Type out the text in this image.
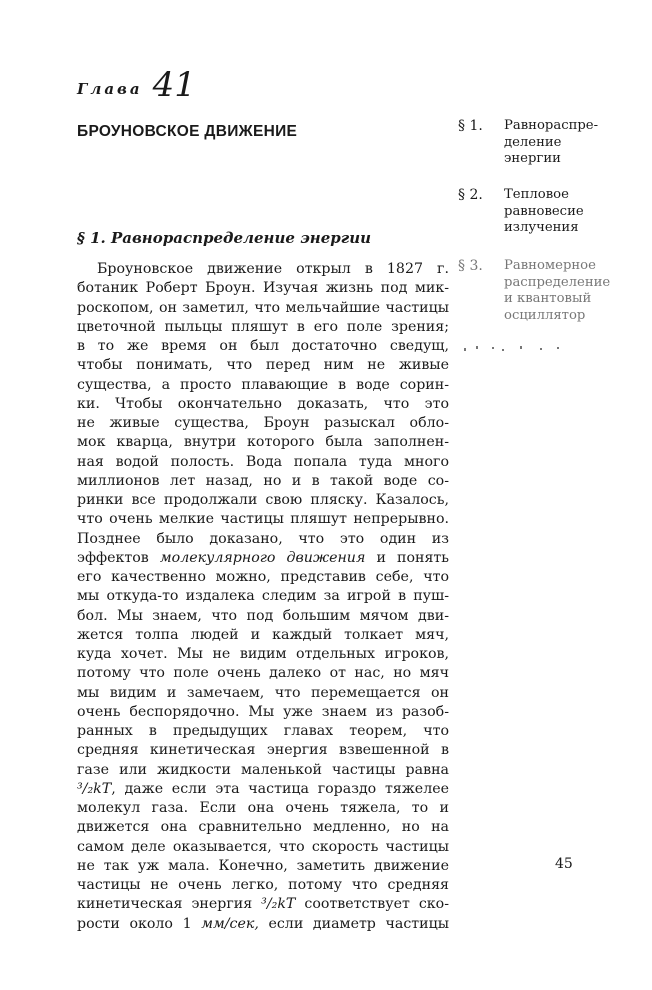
Глава 41
БРОУНОВСКОЕ ДВИЖЕНИЕ
§ 1. Равнораспределение энергии
Броуновское движение открыл в 1827 г.
ботаник Роберт Броун. Изучая жизнь под мик-
роскопом, он заметил, что мельчайшие частицы
цветочной пыльцы пляшут в его поле зрения;
в то же время он был достаточно сведущ,
чтобы понимать, что перед ним не живые
существа, а просто плавающие в воде сорин-
ки. Чтобы окончательно доказать, что это
не живые существа, Броун разыскал обло-
мок кварца, внутри которого была заполнен-
ная водой полость. Вода попала туда много
миллионов лет назад, но и в такой воде со-
ринки все продолжали свою пляску. Казалось,
что очень мелкие частицы пляшут непрерывно.
Позднее было доказано, что это один из
эффектов молекулярного движения и понять
его качественно можно, представив себе, что
мы откуда-то издалека следим за игрой в пуш-
бол. Мы знаем, что под большим мячом дви-
жется толпа людей и каждый толкает мяч,
куда хочет. Мы не видим отдельных игроков,
потому что поле очень далеко от нас, но мяч
мы видим и замечаем, что перемещается он
очень беспорядочно. Мы уже знаем из разоб-
ранных в предыдущих главах теорем, что
средняя кинетическая энергия взвешенной в
газе или жидкости маленькой частицы равна
³/₂kT, даже если эта частица гораздо тяжелее
молекул газа. Если она очень тяжела, то и
движется она сравнительно медленно, но на
самом деле оказывается, что скорость частицы
не так уж мала. Конечно, заметить движение
частицы не очень легко, потому что средняя
кинетическая энергия ³/₂kT соответствует ско-
рости около 1 мм/сек, если диаметр частицы
§ 1. Равнораспре-
деление
энергии
§ 2. Тепловое
равновесие
излучения
§ 3. Равномерное
распределение
и квантовый
осциллятор

45
